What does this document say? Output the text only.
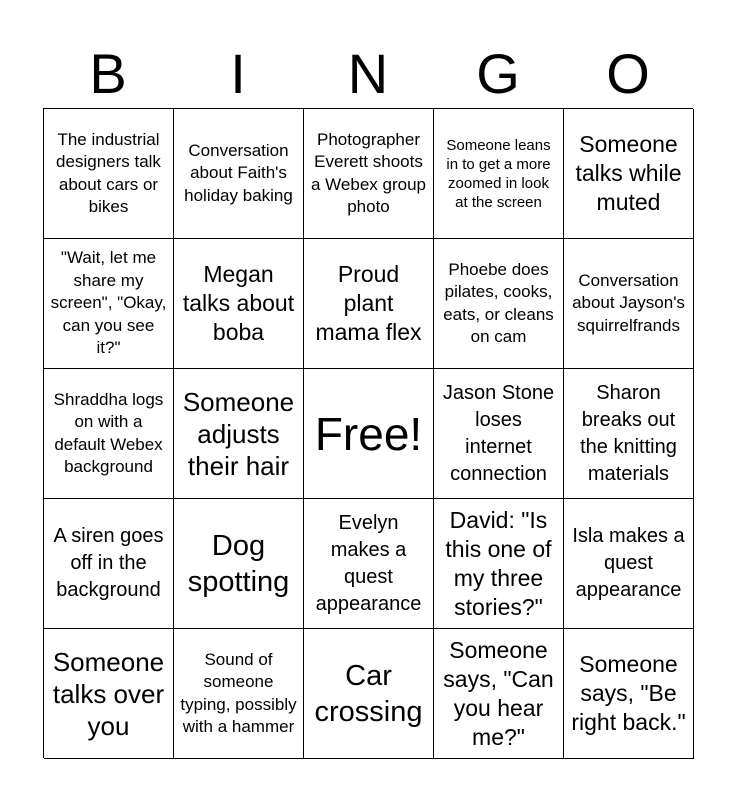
B	I	N	G	O
The industrial designers talk about cars or bikes
Conversation about Faith's holiday baking
Photographer Everett shoots a Webex group photo
Someone leans in to get a more zoomed in look at the screen
Someone talks while muted
"Wait, let me share my screen", "Okay, can you see it?"
Megan talks about boba
Proud plant mama flex
Phoebe does pilates, cooks, eats, or cleans on cam
Conversation about Jayson's squirrelfrands
Shraddha logs on with a default Webex background
Someone adjusts their hair
Free!
Jason Stone loses internet connection
Sharon breaks out the knitting materials
A siren goes off in the background
Dog spotting
Evelyn makes a quest appearance
David: "Is this one of my three stories?"
Isla makes a quest appearance
Someone talks over you
Sound of someone typing, possibly with a hammer
Car crossing
Someone says, "Can you hear me?"
Someone says, "Be right back."
